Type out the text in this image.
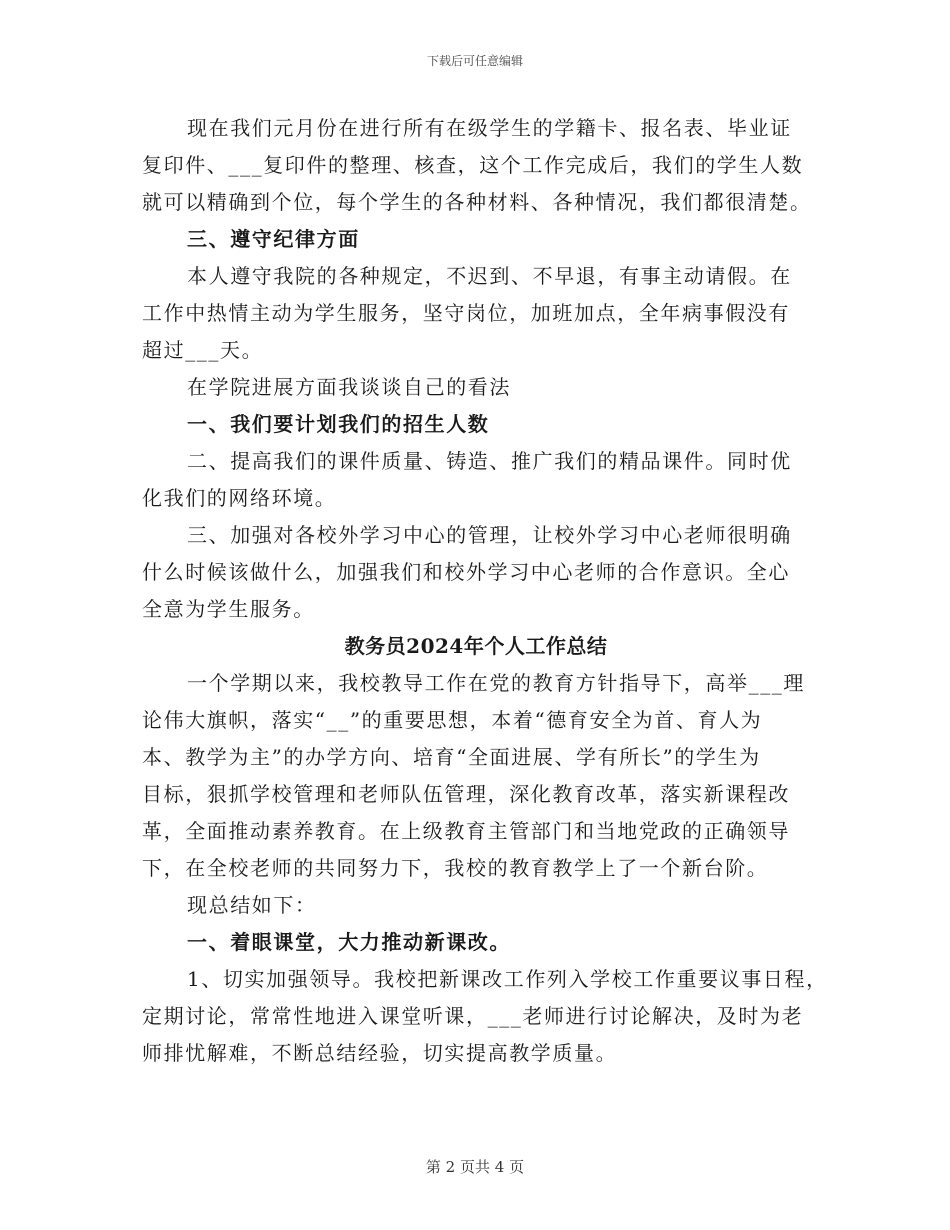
下载后可任意编辑
现在我们元月份在进行所有在级学生的学籍卡、报名表、毕业证
复印件、___复印件的整理、核查，这个工作完成后，我们的学生人数
就可以精确到个位，每个学生的各种材料、各种情况，我们都很清楚。
三、遵守纪律方面
本人遵守我院的各种规定，不迟到、不早退，有事主动请假。在
工作中热情主动为学生服务，坚守岗位，加班加点，全年病事假没有
超过___天。
在学院进展方面我谈谈自己的看法
一、我们要计划我们的招生人数
二、提高我们的课件质量、铸造、推广我们的精品课件。同时优
化我们的网络环境。
三、加强对各校外学习中心的管理，让校外学习中心老师很明确
什么时候该做什么，加强我们和校外学习中心老师的合作意识。全心
全意为学生服务。
教务员2024年个人工作总结
一个学期以来，我校教导工作在党的教育方针指导下，高举___理
论伟大旗帜，落实“__”的重要思想，本着“德育安全为首、育人为
本、教学为主”的办学方向、培育“全面进展、学有所长”的学生为
目标，狠抓学校管理和老师队伍管理，深化教育改革，落实新课程改
革，全面推动素养教育。在上级教育主管部门和当地党政的正确领导
下，在全校老师的共同努力下，我校的教育教学上了一个新台阶。
现总结如下：
一、着眼课堂，大力推动新课改。
1、切实加强领导。我校把新课改工作列入学校工作重要议事日程，
定期讨论，常常性地进入课堂听课，___老师进行讨论解决，及时为老
师排忧解难，不断总结经验，切实提高教学质量。
第 2 页共 4 页
